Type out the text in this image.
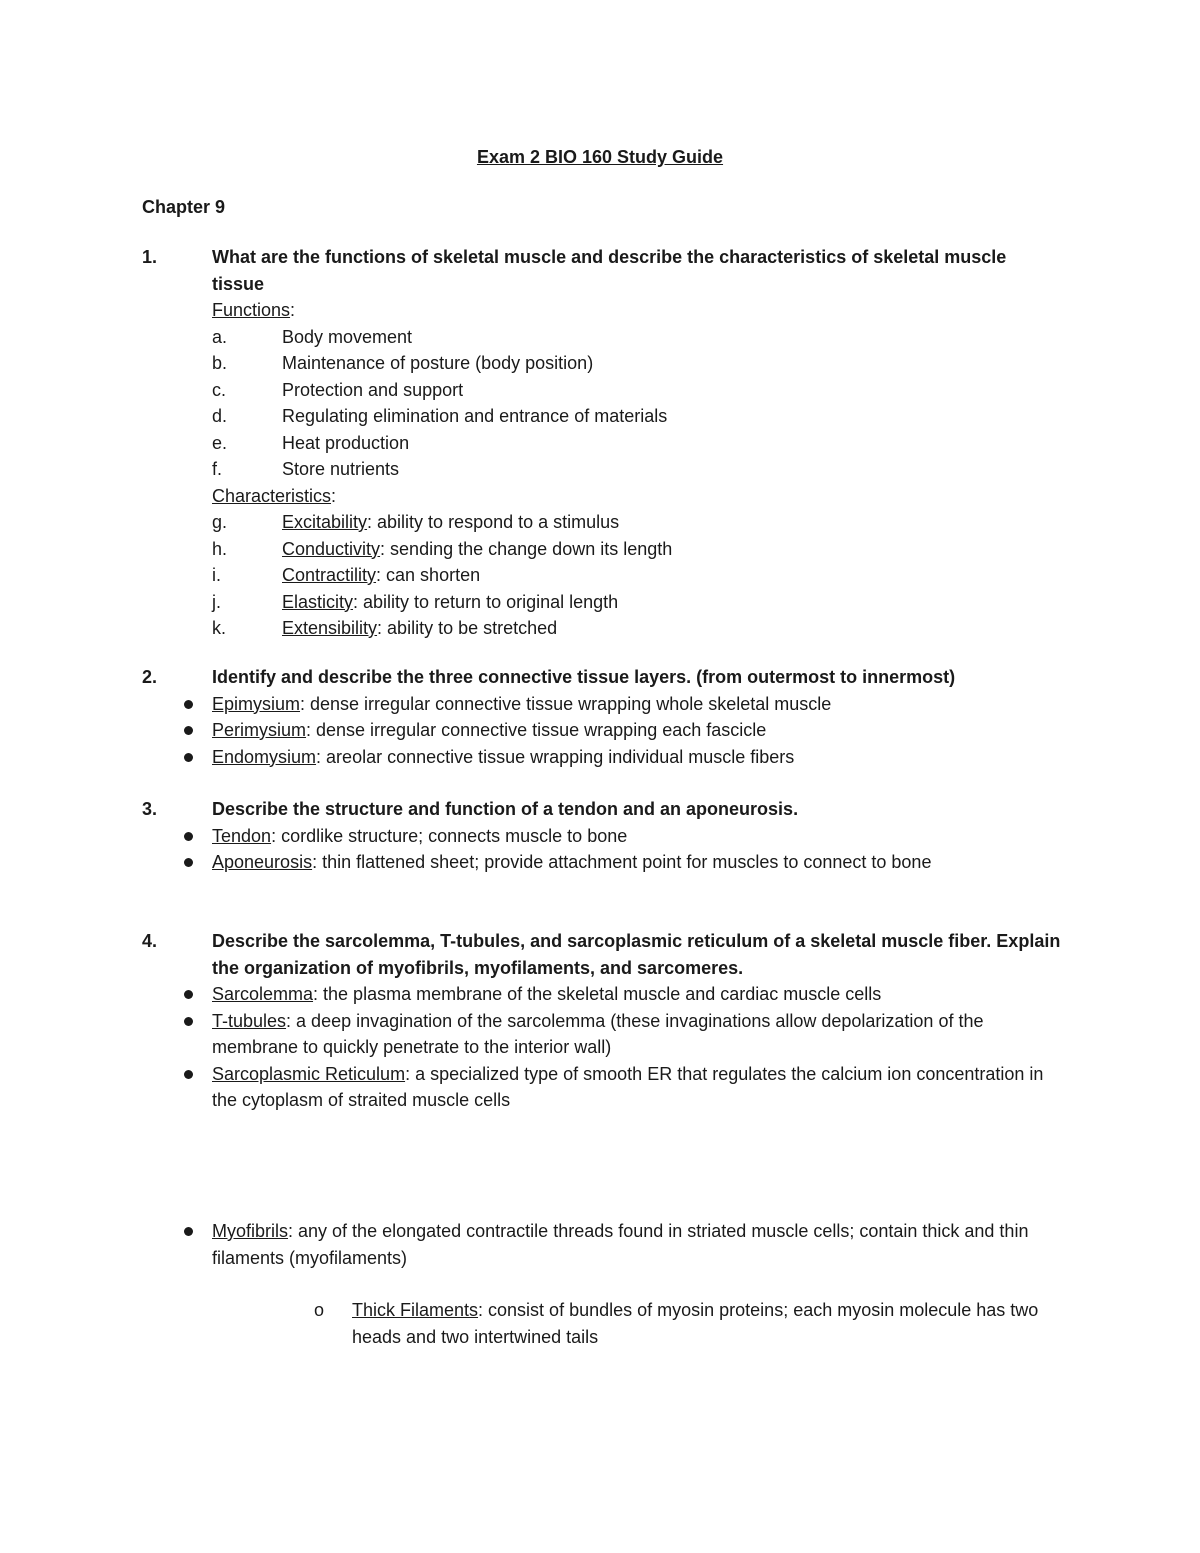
Exam 2 BIO 160 Study Guide
Chapter 9
1.	What are the functions of skeletal muscle and describe the characteristics of skeletal muscle tissue
Functions:
a.	Body movement
b.	Maintenance of posture (body position)
c.	Protection and support
d.	Regulating elimination and entrance of materials
e.	Heat production
f.	Store nutrients
Characteristics:
g.	Excitability: ability to respond to a stimulus
h.	Conductivity: sending the change down its length
i.	Contractility: can shorten
j.	Elasticity: ability to return to original length
k.	Extensibility: ability to be stretched
2.	Identify and describe the three connective tissue layers. (from outermost to innermost)
Epimysium: dense irregular connective tissue wrapping whole skeletal muscle
Perimysium: dense irregular connective tissue wrapping each fascicle
Endomysium: areolar connective tissue wrapping individual muscle fibers
3.	Describe the structure and function of a tendon and an aponeurosis.
Tendon: cordlike structure; connects muscle to bone
Aponeurosis: thin flattened sheet; provide attachment point for muscles to connect to bone
4.	Describe the sarcolemma, T-tubules, and sarcoplasmic reticulum of a skeletal muscle fiber. Explain the organization of myofibrils, myofilaments, and sarcomeres.
Sarcolemma: the plasma membrane of the skeletal muscle and cardiac muscle cells
T-tubules: a deep invagination of the sarcolemma (these invaginations allow depolarization of the membrane to quickly penetrate to the interior wall)
Sarcoplasmic Reticulum: a specialized type of smooth ER that regulates the calcium ion concentration in the cytoplasm of straited muscle cells
Myofibrils: any of the elongated contractile threads found in striated muscle cells; contain thick and thin filaments (myofilaments)
o	Thick Filaments: consist of bundles of myosin proteins; each myosin molecule has two heads and two intertwined tails
